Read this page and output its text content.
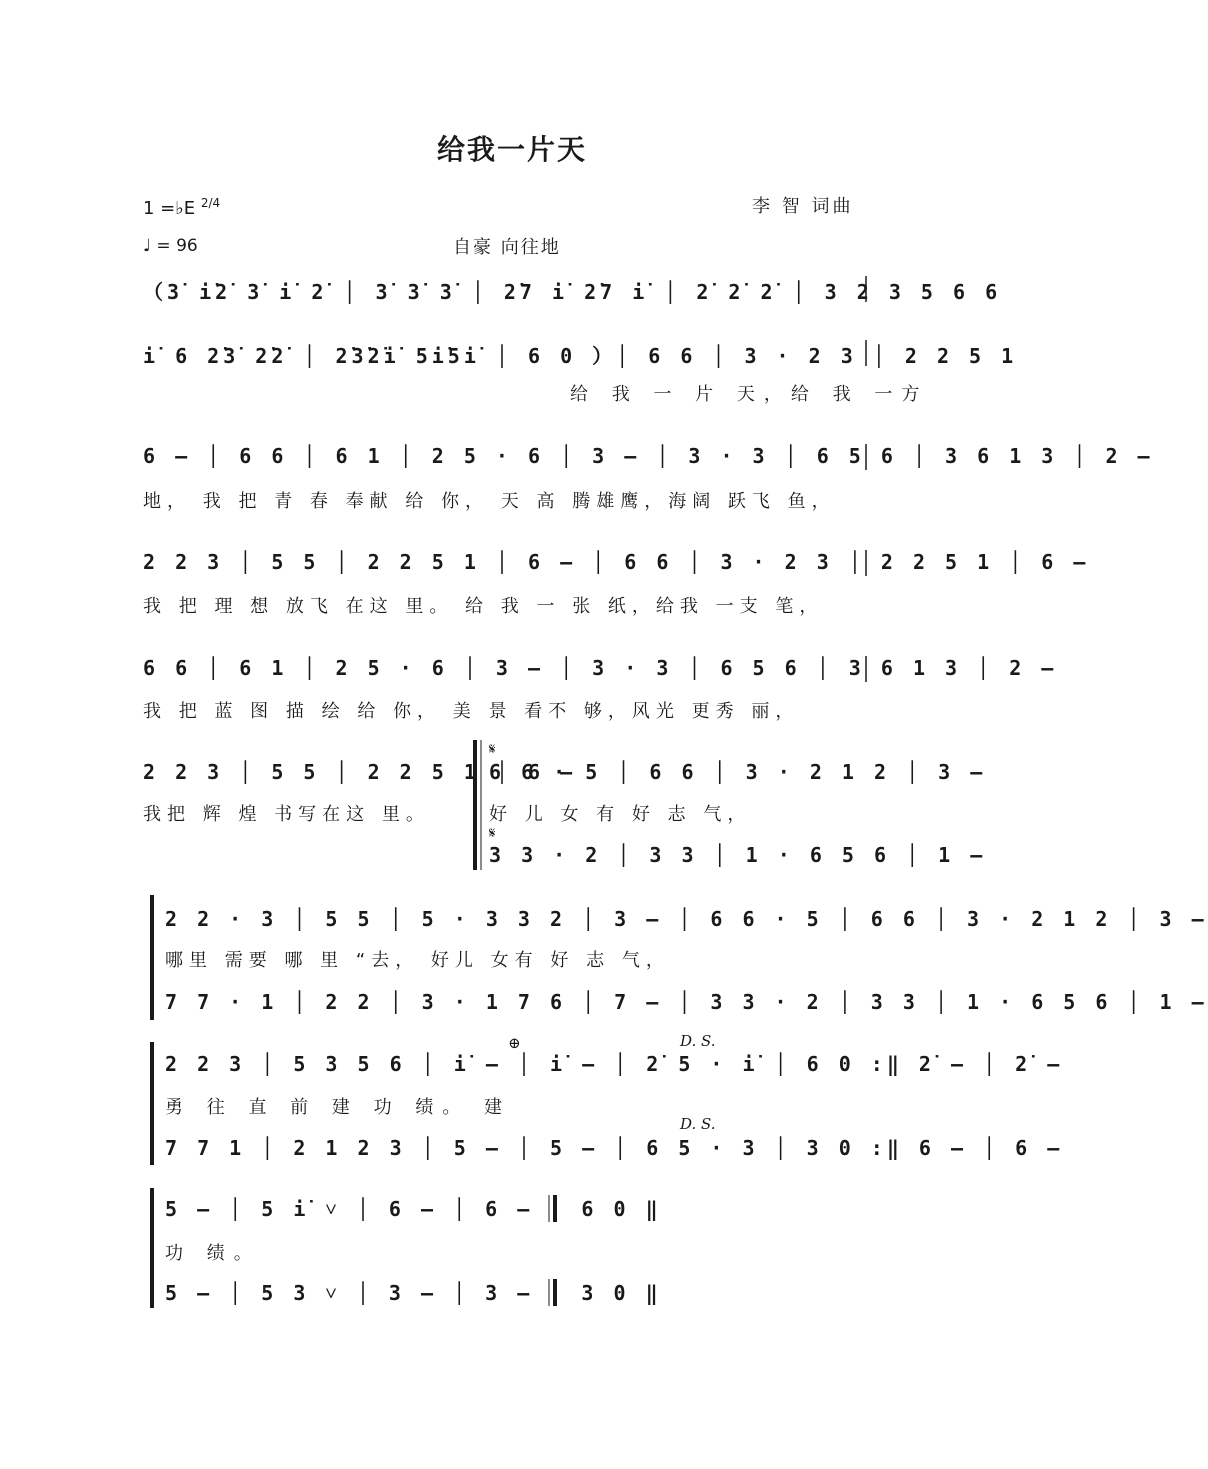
给我一片天
李 智 词曲
1 =♭E $^{2/4}$
♩ = 96	自豪 向往地
（3̇ i̇2̇ 3̇ i̇ 2̇ │ 3̇ 3̇ 3̇ │ 2̇7 i̇ 2̇7 i̇ │ 2̇ 2̇ 2̇ │ 3 2 3 5 6 6
i̇ 6 2̇3̇ 2̇2̇ │ 2̇3̇2̇i̇ 5i̇5i̇ │ 6 0 ）│ 6 6 │ 3 · 2 3 │ 2 2 5 1
给 我 一 片 天，给 我 一方
6 – │ 6 6 │ 6 1 │ 2 5 · 6 │ 3 – │ 3 · 3 │ 6 5 6 │ 3 6 1 3 │ 2 –
地， 我 把 青 春 奉献 给 你， 天 高 腾雄鹰，海阔 跃飞 鱼，
2 2 3 │ 5 5 │ 2 2 5 1 │ 6 – │ 6 6 │ 3 · 2 3 │ 2 2 5 1 │ 6 –
我 把 理 想 放飞 在这 里。 给 我 一 张 纸，给我 一支 笔，
6 6 │ 6 1 │ 2 5 · 6 │ 3 – │ 3 · 3 │ 6 5 6 │ 3 6 1 3 │ 2 –
我 把 蓝 图 描 绘 给 你， 美 景 看不 够，风光 更秀 丽，
2 2 3 │ 5 5 │ 2 2 5 1 │ 6 –
我把 辉 煌 书写在这 里。
𝄋
6 6 · 5 │ 6 6 │ 3 · 2 1 2 │ 3 –
好 儿 女 有 好 志 气，
𝄋
3 3 · 2 │ 3 3 │ 1 · 6 5 6 │ 1 –
2 2 · 3 │ 5 5 │ 5 · 3 3 2 │ 3 – │ 6 6 · 5 │ 6 6 │ 3 · 2 1 2 │ 3 –
哪里 需要 哪 里 “去， 好儿 女有 好 志 气，
7 7 · 1 │ 2 2 │ 3 · 1 7 6 │ 7 – │ 3 3 · 2 │ 3 3 │ 1 · 6 5 6 │ 1 –
⊕	D. S.
2 2 3 │ 5 3 5 6 │ i̇ – │ i̇ – │ 2̇ 5 · i̇ │ 6 0 :‖ 2̇ – │ 2̇ –
勇 往 直 前 建 功 绩。 建
D. S.
7 7 1 │ 2 1 2 3 │ 5 – │ 5 – │ 6 5 · 3 │ 3 0 :‖ 6 – │ 6 –
5 – │ 5 i̇ ˅ │ 6 – │ 6 – │ 6 0 ‖
功 绩。
5 – │ 5 3 ˅ │ 3 – │ 3 – │ 3 0 ‖
